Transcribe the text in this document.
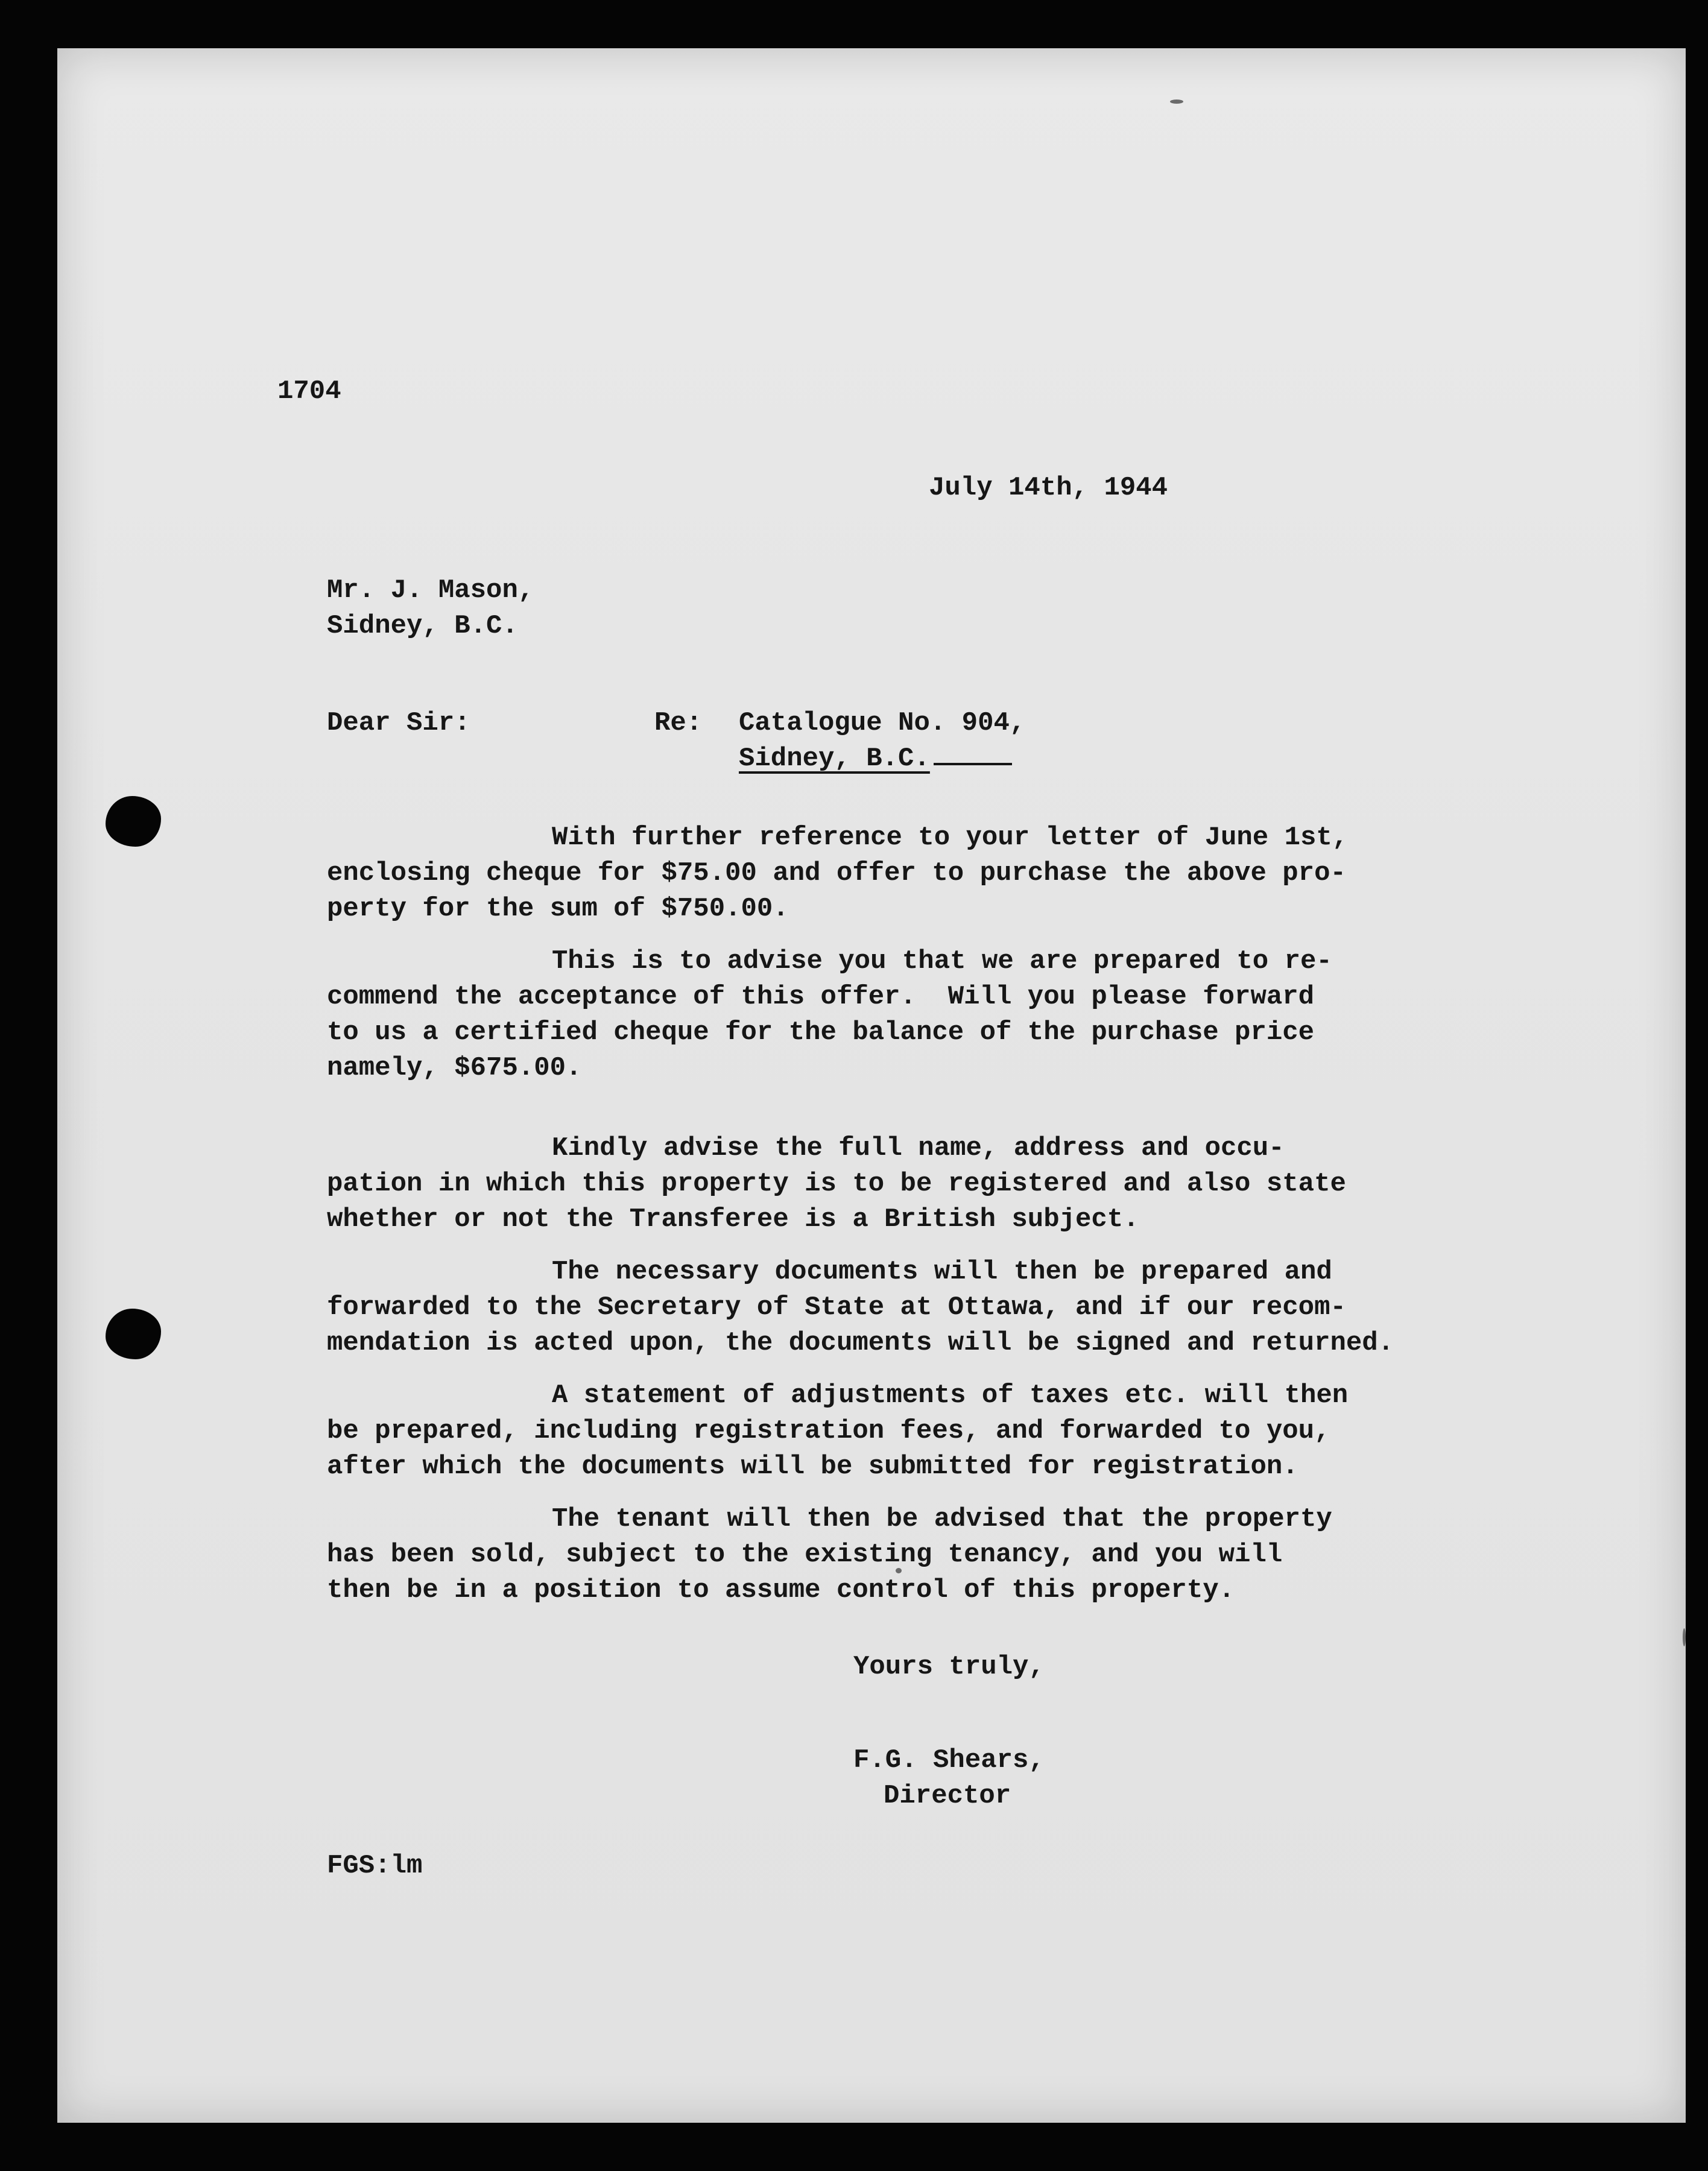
1704
July 14th, 1944
Mr. J. Mason,
Sidney, B.C.
Dear Sir:	Re: Catalogue No. 904,
Sidney, B.C.
With further reference to your letter of June 1st,
enclosing cheque for $75.00 and offer to purchase the above pro-
perty for the sum of $750.00.
This is to advise you that we are prepared to re-
commend the acceptance of this offer.  Will you please forward
to us a certified cheque for the balance of the purchase price
namely, $675.00.
Kindly advise the full name, address and occu-
pation in which this property is to be registered and also state
whether or not the Transferee is a British subject.
The necessary documents will then be prepared and
forwarded to the Secretary of State at Ottawa, and if our recom-
mendation is acted upon, the documents will be signed and returned.
A statement of adjustments of taxes etc. will then
be prepared, including registration fees, and forwarded to you,
after which the documents will be submitted for registration.
The tenant will then be advised that the property
has been sold, subject to the existing tenancy, and you will
then be in a position to assume control of this property.
Yours truly,
F.G. Shears,
Director
FGS:lm
